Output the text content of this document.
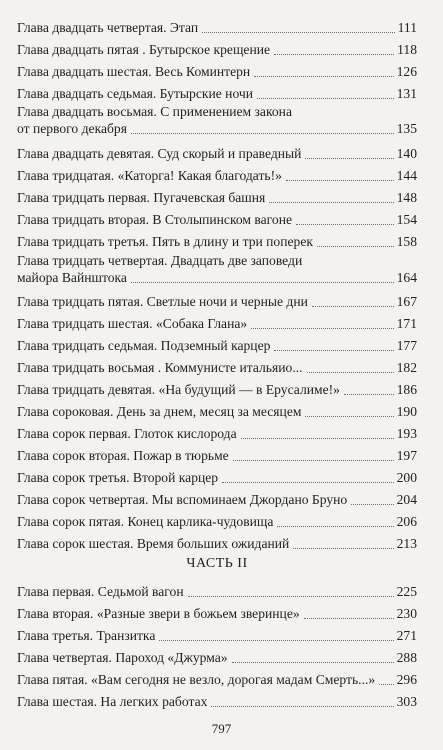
Глава двадцать четвертая. Этап	111
Глава двадцать пятая . Бутырское крещение	118
Глава двадцать шестая. Весь Коминтерн	126
Глава двадцать седьмая. Бутырские ночи	131
Глава двадцать восьмая. С применением закона
от первого декабря	135
Глава двадцать девятая. Суд скорый и праведный	140
Глава тридцатая. «Каторга! Какая благодать!»	144
Глава тридцать первая. Пугачевская башня	148
Глава тридцать вторая. В Столыпинском вагоне	154
Глава тридцать третья. Пять в длину и три поперек	158
Глава тридцать четвертая. Двадцать две заповеди
майора Вайнштока	164
Глава тридцать пятая. Светлые ночи и черные дни	167
Глава тридцать шестая. «Собака Глана»	171
Глава тридцать седьмая. Подземный карцер	177
Глава тридцать восьмая . Коммунисте итальяио...	182
Глава тридцать девятая. «На будущий — в Ерусалиме!»	186
Глава сороковая. День за днем, месяц за месяцем	190
Глава сорок первая. Глоток кислорода	193
Глава сорок вторая. Пожар в тюрьме	197
Глава сорок третья. Второй карцер	200
Глава сорок четвертая. Мы вспоминаем Джордано Бруно	204
Глава сорок пятая. Конец карлика-чудовища	206
Глава сорок шестая. Время больших ожиданий	213
ЧАСТЬ II
Глава первая. Седьмой вагон	225
Глава вторая. «Разные звери в божьем зверинце»	230
Глава третья. Транзитка	271
Глава четвертая. Пароход «Джурма»	288
Глава пятая. «Вам сегодня не везло, дорогая мадам Смерть...» 296
Глава шестая. На легких работах	303
797
